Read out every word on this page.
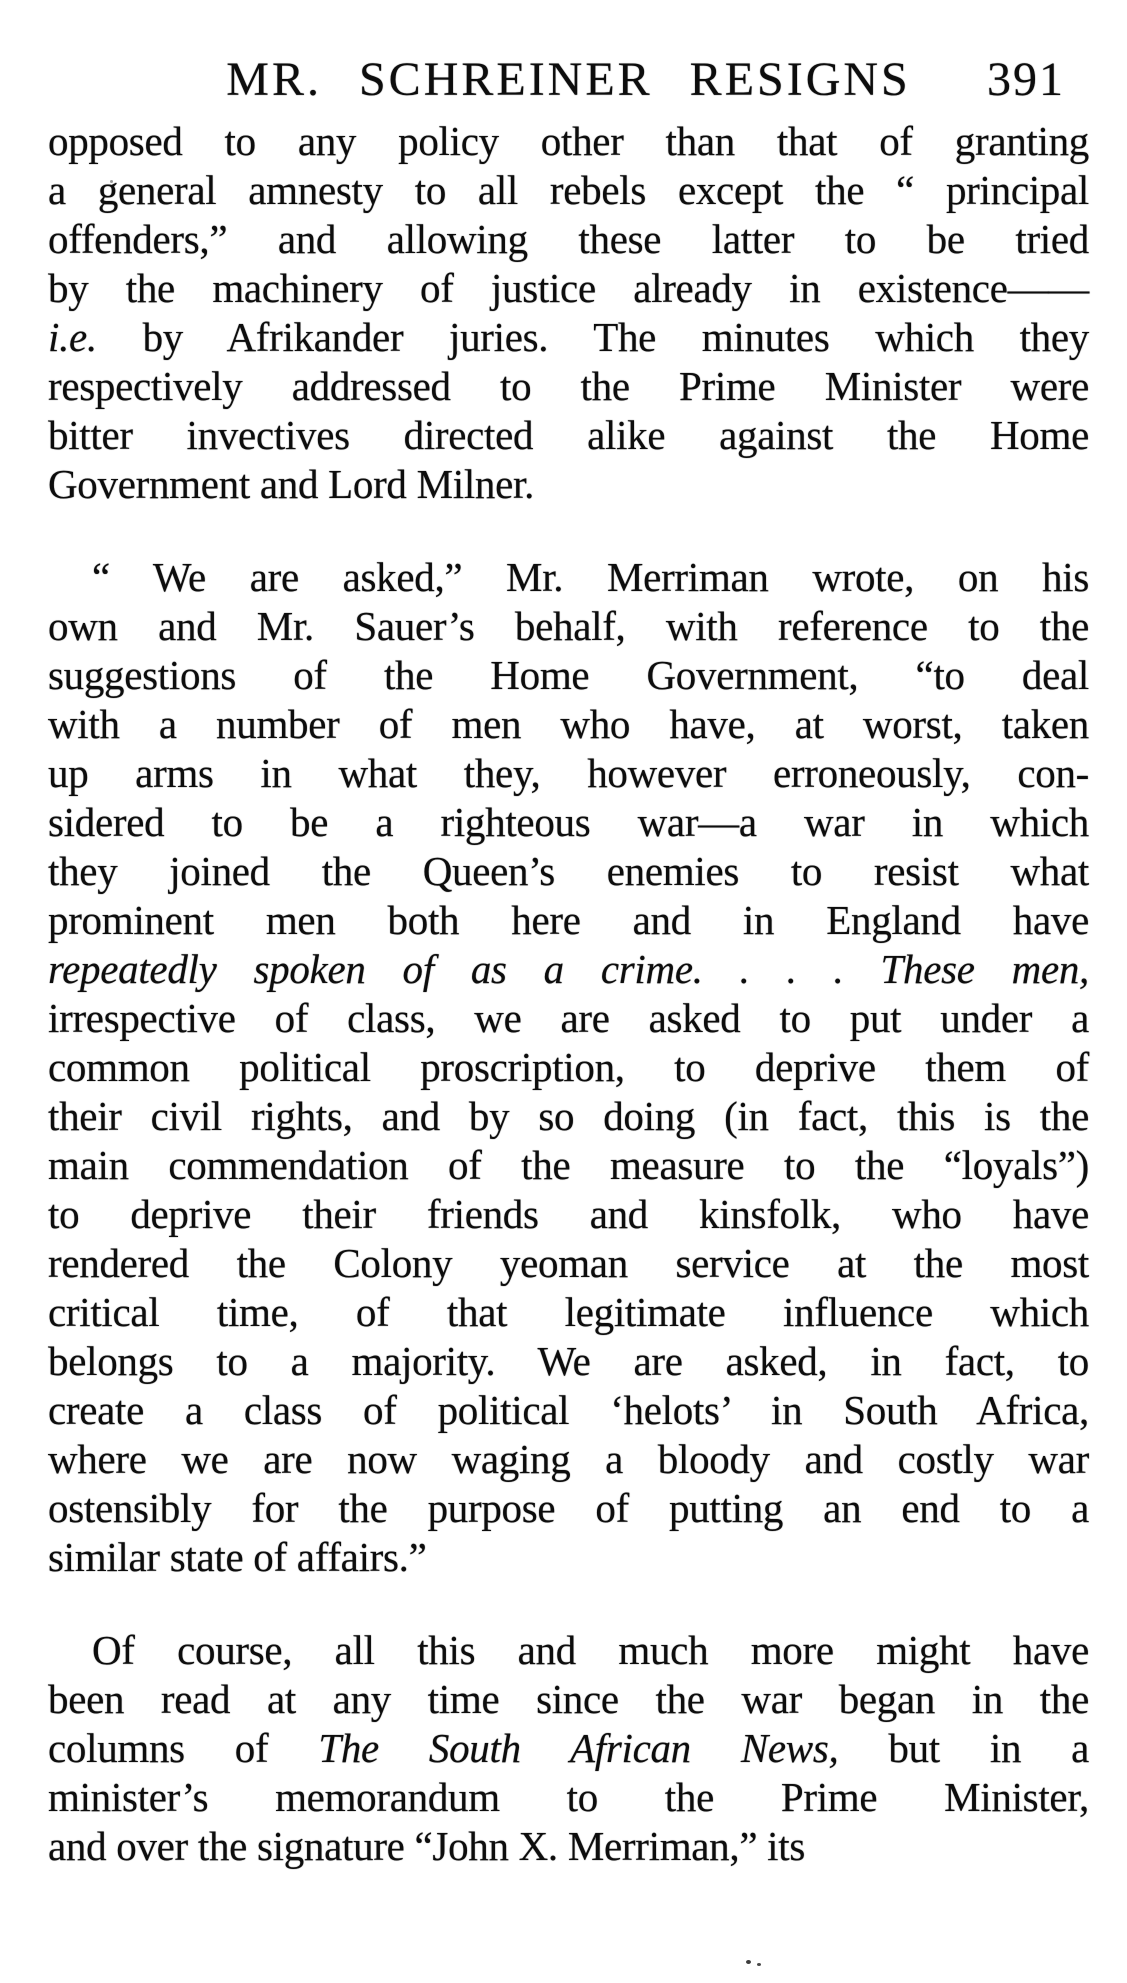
MR. SCHREINER RESIGNS	391
opposed to any policy other than that of granting
a general amnesty to all rebels except the “ principal
offenders,” and allowing these latter to be tried
by the machinery of justice already in existence——
i.e. by Afrikander juries. The minutes which they
respectively addressed to the Prime Minister were
bitter invectives directed alike against the Home
Government and Lord Milner.
“ We are asked,” Mr. Merriman wrote, on his
own and Mr. Sauer’s behalf, with reference to the
suggestions of the Home Government, “to deal
with a number of men who have, at worst, taken
up arms in what they, however erroneously, con-
sidered to be a righteous war—a war in which
they joined the Queen’s enemies to resist what
prominent men both here and in England have
repeatedly spoken of as a crime. . . . These men,
irrespective of class, we are asked to put under a
common political proscription, to deprive them of
their civil rights, and by so doing (in fact, this is the
main commendation of the measure to the “loyals”)
to deprive their friends and kinsfolk, who have
rendered the Colony yeoman service at the most
critical time, of that legitimate influence which
belongs to a majority. We are asked, in fact, to
create a class of political ‘helots’ in South Africa,
where we are now waging a bloody and costly war
ostensibly for the purpose of putting an end to a
similar state of affairs.”
Of course, all this and much more might have
been read at any time since the war began in the
columns of The South African News, but in a
minister’s memorandum to the Prime Minister,
and over the signature “John X. Merriman,” its
